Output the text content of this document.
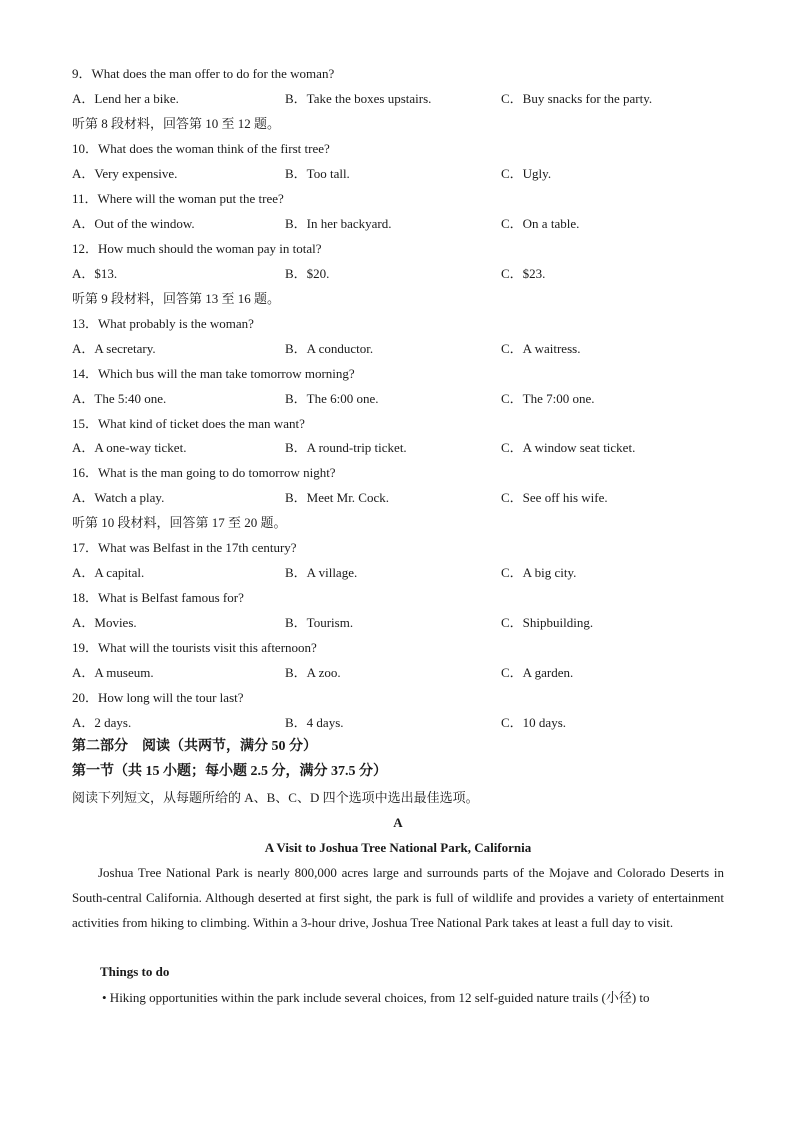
9．What does the man offer to do for the woman?
A．Lend her a bike.	B．Take the boxes upstairs.	C．Buy snacks for the party.
听第 8 段材料，回答第 10 至 12 题。
10．What does the woman think of the first tree?
A．Very expensive.	B．Too tall.	C．Ugly.
11．Where will the woman put the tree?
A．Out of the window.	B．In her backyard.	C．On a table.
12．How much should the woman pay in total?
A．$13.	B．$20.	C．$23.
听第 9 段材料，回答第 13 至 16 题。
13．What probably is the woman?
A．A secretary.	B．A conductor.	C．A waitress.
14．Which bus will the man take tomorrow morning?
A．The 5:40 one.	B．The 6:00 one.	C．The 7:00 one.
15．What kind of ticket does the man want?
A．A one-way ticket.	B．A round-trip ticket.	C．A window seat ticket.
16．What is the man going to do tomorrow night?
A．Watch a play.	B．Meet Mr. Cock.	C．See off his wife.
听第 10 段材料，回答第 17 至 20 题。
17．What was Belfast in the 17th century?
A．A capital.	B．A village.	C．A big city.
18．What is Belfast famous for?
A．Movies.	B．Tourism.	C．Shipbuilding.
19．What will the tourists visit this afternoon?
A．A museum.	B．A zoo.	C．A garden.
20．How long will the tour last?
A．2 days.	B．4 days.	C．10 days.
第二部分　阅读（共两节，满分 50 分）
第一节（共 15 小题；每小题 2.5 分，满分 37.5 分）
阅读下列短文，从每题所给的 A、B、C、D 四个选项中选出最佳选项。
A
A Visit to Joshua Tree National Park, California
Joshua Tree National Park is nearly 800,000 acres large and surrounds parts of the Mojave and Colorado Deserts in South-central California. Although deserted at first sight, the park is full of wildlife and provides a variety of entertainment activities from hiking to climbing. Within a 3-hour drive, Joshua Tree National Park takes at least a full day to visit.
Things to do
• Hiking opportunities within the park include several choices, from 12 self-guided nature trails (小径) to
